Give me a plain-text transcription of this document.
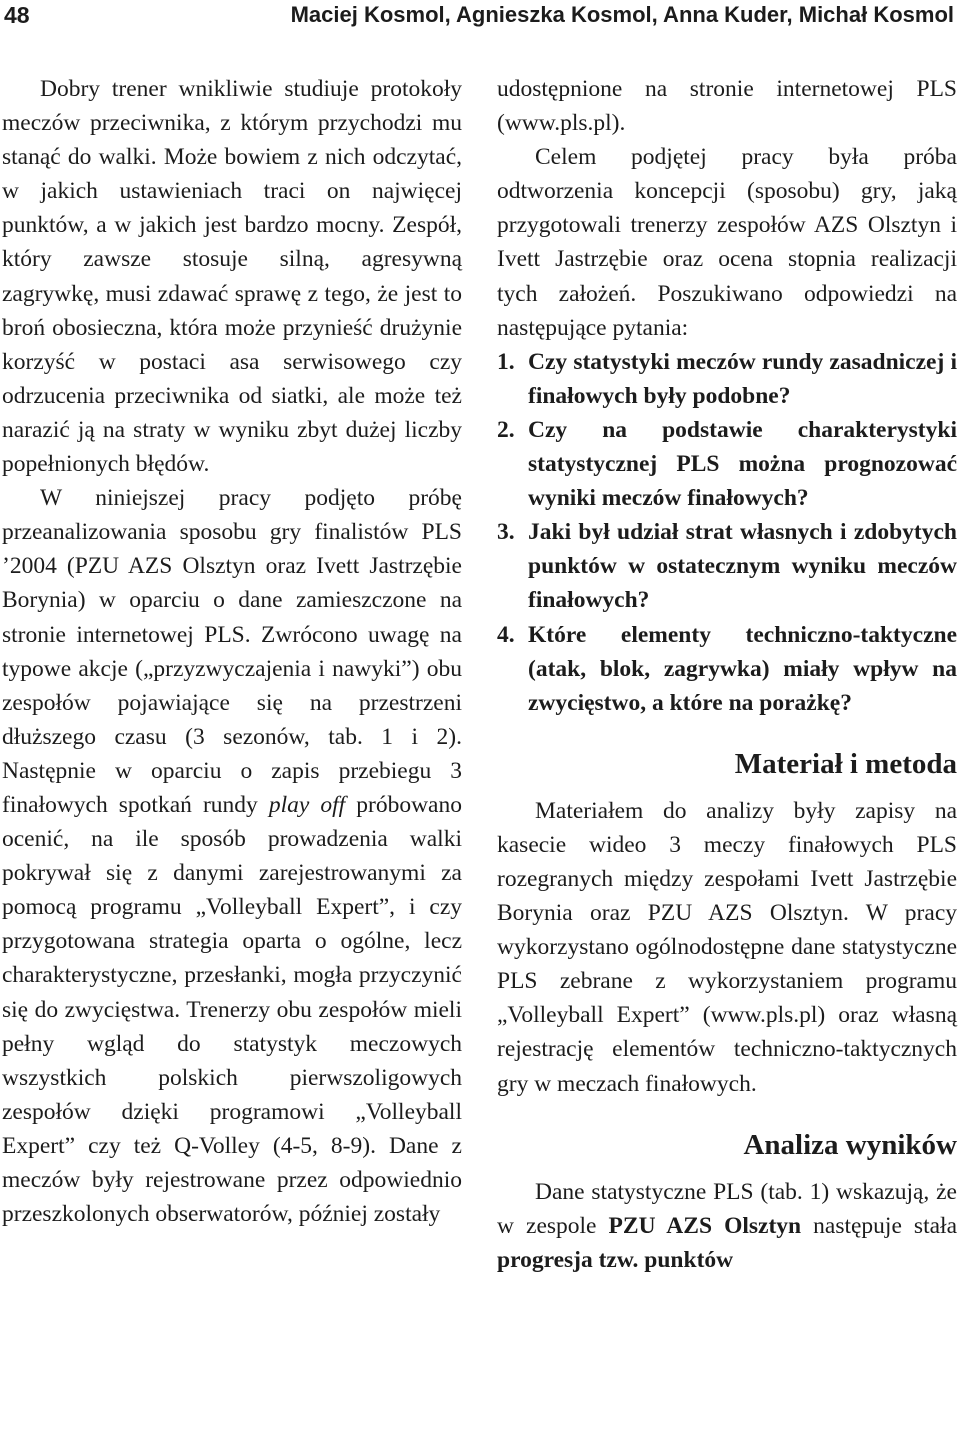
48	Maciej Kosmol, Agnieszka Kosmol, Anna Kuder, Michał Kosmol

Dobry trener wnikliwie studiuje protokoły meczów przeciwnika, z którym przychodzi mu stanąć do walki. Może bowiem z nich odczytać, w jakich ustawieniach traci on najwięcej punktów, a w jakich jest bardzo mocny. Zespół, który zawsze stosuje silną, agresywną zagrywkę, musi zdawać sprawę z tego, że jest to broń obosieczna, która może przynieść drużynie korzyść w postaci asa serwisowego czy odrzucenia przeciwnika od siatki, ale może też narazić ją na straty w wyniku zbyt dużej liczby popełnionych błędów.

W niniejszej pracy podjęto próbę przeanalizowania sposobu gry finalistów PLS ’2004 (PZU AZS Olsztyn oraz Ivett Jastrzębie Borynia) w oparciu o dane zamieszczone na stronie internetowej PLS. Zwrócono uwagę na typowe akcje („przyzwyczajenia i nawyki”) obu zespołów pojawiające się na przestrzeni dłuższego czasu (3 sezonów, tab. 1 i 2). Następnie w oparciu o zapis przebiegu 3 finałowych spotkań rundy play off próbowano ocenić, na ile sposób prowadzenia walki pokrywał się z danymi zarejestrowanymi za pomocą programu „Volleyball Expert”, i czy przygotowana strategia oparta o ogólne, lecz charakterystyczne, przesłanki, mogła przyczynić się do zwycięstwa. Trenerzy obu zespołów mieli pełny wgląd do statystyk meczowych wszystkich polskich pierwszoligowych zespołów dzięki programowi „Volleyball Expert” czy też Q-Volley (4-5, 8-9). Dane z meczów były rejestrowane przez odpowiednio przeszkolonych obserwatorów, później zostały

udostępnione na stronie internetowej PLS (www.pls.pl).

Celem podjętej pracy była próba odtworzenia koncepcji (sposobu) gry, jaką przygotowali trenerzy zespołów AZS Olsztyn i Ivett Jastrzębie oraz ocena stopnia realizacji tych założeń. Poszukiwano odpowiedzi na następujące pytania:

1. Czy statystyki meczów rundy zasadniczej i finałowych były podobne?
2. Czy na podstawie charakterystyki statystycznej PLS można prognozować wyniki meczów finałowych?
3. Jaki był udział strat własnych i zdobytych punktów w ostatecznym wyniku meczów finałowych?
4. Które elementy techniczno-taktyczne (atak, blok, zagrywka) miały wpływ na zwycięstwo, a które na porażkę?
Materiał i metoda

Materiałem do analizy były zapisy na kasecie wideo 3 meczy finałowych PLS rozegranych między zespołami Ivett Jastrzębie Borynia oraz PZU AZS Olsztyn. W pracy wykorzystano ogólnodostępne dane statystyczne PLS zebrane z wykorzystaniem programu „Volleyball Expert” (www.pls.pl) oraz własną rejestrację elementów techniczno-taktycznych gry w meczach finałowych.

Analiza wyników

Dane statystyczne PLS (tab. 1) wskazują, że w zespole PZU AZS Olsztyn następuje stała progresja tzw. punktów
